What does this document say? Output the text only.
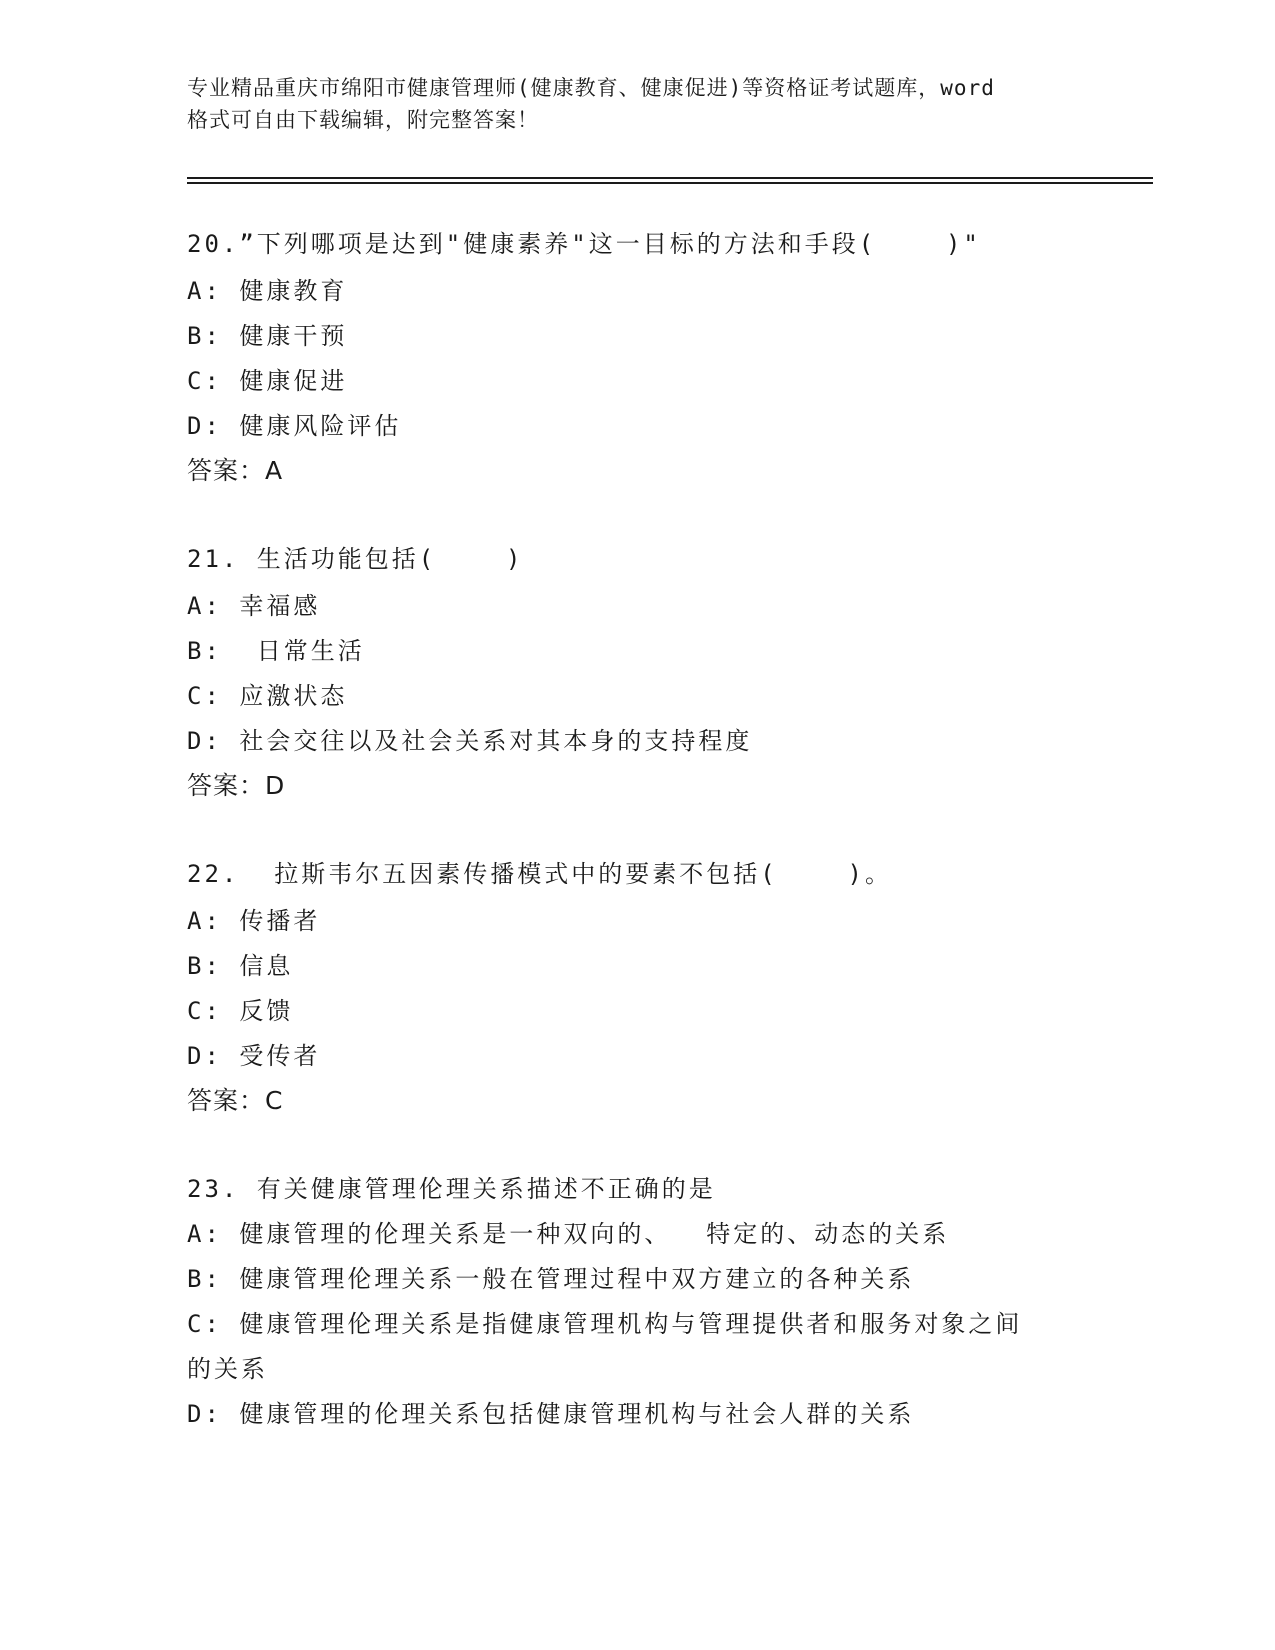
专业精品重庆市绵阳市健康管理师(健康教育、健康促进)等资格证考试题库，word
格式可自由下载编辑，附完整答案！
20.”下列哪项是达到"健康素养"这一目标的方法和手段(    )"
A: 健康教育
B: 健康干预
C: 健康促进
D: 健康风险评估
答案：A
21. 生活功能包括(    )
A: 幸福感
B:  日常生活
C: 应激状态
D: 社会交往以及社会关系对其本身的支持程度
答案：D
22.  拉斯韦尔五因素传播模式中的要素不包括(    )。
A: 传播者
B: 信息
C: 反馈
D: 受传者
答案：C
23. 有关健康管理伦理关系描述不正确的是
A: 健康管理的伦理关系是一种双向的、  特定的、动态的关系
B: 健康管理伦理关系一般在管理过程中双方建立的各种关系
C: 健康管理伦理关系是指健康管理机构与管理提供者和服务对象之间
的关系
D: 健康管理的伦理关系包括健康管理机构与社会人群的关系
